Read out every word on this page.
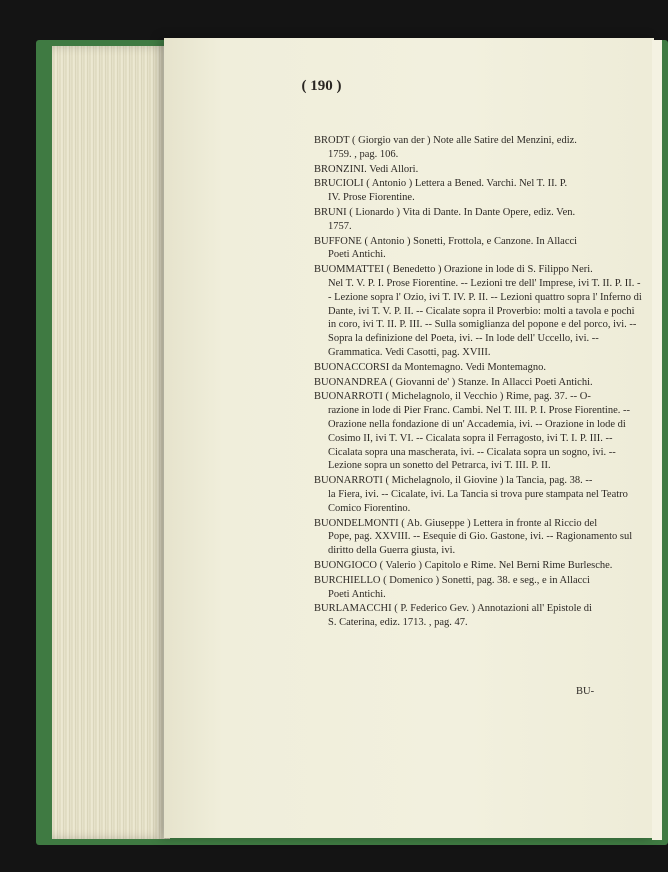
( 190 )
BRODT ( Giorgio van der ) Note alle Satire del Menzini, ediz.
1759. , pag. 106.
BRONZINI. Vedi Allori.
BRUCIOLI ( Antonio ) Lettera a Bened. Varchi. Nel T. II. P.
IV. Prose Fiorentine.
BRUNI ( Lionardo ) Vita di Dante. In Dante Opere, ediz. Ven.
1757.
BUFFONE ( Antonio ) Sonetti, Frottola, e Canzone. In Allacci
Poeti Antichi.
BUOMMATTEI ( Benedetto ) Orazione in lode di S. Filippo Neri.
Nel T. V. P. I. Prose Fiorentine. -- Lezioni tre dell' Imprese, ivi T. II. P. II. -- Lezione sopra l' Ozio, ivi T. IV. P. II. -- Lezioni quattro sopra l' Inferno di Dante, ivi T. V. P. II. -- Cicalate sopra il Proverbio: molti a tavola e pochi in coro, ivi T. II. P. III. -- Sulla somiglianza del popone e del porco, ivi. -- Sopra la definizione del Poeta, ivi. -- In lode dell' Uccello, ivi. -- Grammatica. Vedi Casotti, pag. XVIII.
BUONACCORSI da Montemagno. Vedi Montemagno.
BUONANDREA ( Giovanni de' ) Stanze. In Allacci Poeti Antichi.
BUONARROTI ( Michelagnolo, il Vecchio ) Rime, pag. 37. -- O-
razione in lode di Pier Franc. Cambi. Nel T. III. P. I. Prose Fiorentine. -- Orazione nella fondazione di un' Accademia, ivi. -- Orazione in lode di Cosimo II, ivi T. VI. -- Cicalata sopra il Ferragosto, ivi T. I. P. III. -- Cicalata sopra una mascherata, ivi. -- Cicalata sopra un sogno, ivi. -- Lezione sopra un sonetto del Petrarca, ivi T. III. P. II.
BUONARROTI ( Michelagnolo, il Giovine ) la Tancia, pag. 38. --
la Fiera, ivi. -- Cicalate, ivi. La Tancia si trova pure stampata nel Teatro Comico Fiorentino.
BUONDELMONTI ( Ab. Giuseppe ) Lettera in fronte al Riccio del
Pope, pag. XXVIII. -- Esequie di Gio. Gastone, ivi. -- Ragionamento sul diritto della Guerra giusta, ivi.
BUONGIOCO ( Valerio ) Capitolo e Rime. Nel Berni Rime Burlesche.
BURCHIELLO ( Domenico ) Sonetti, pag. 38. e seg., e in Allacci
Poeti Antichi.
BURLAMACCHI ( P. Federico Gev. ) Annotazioni all' Epistole di
S. Caterina, ediz. 1713. , pag. 47.
BU-
